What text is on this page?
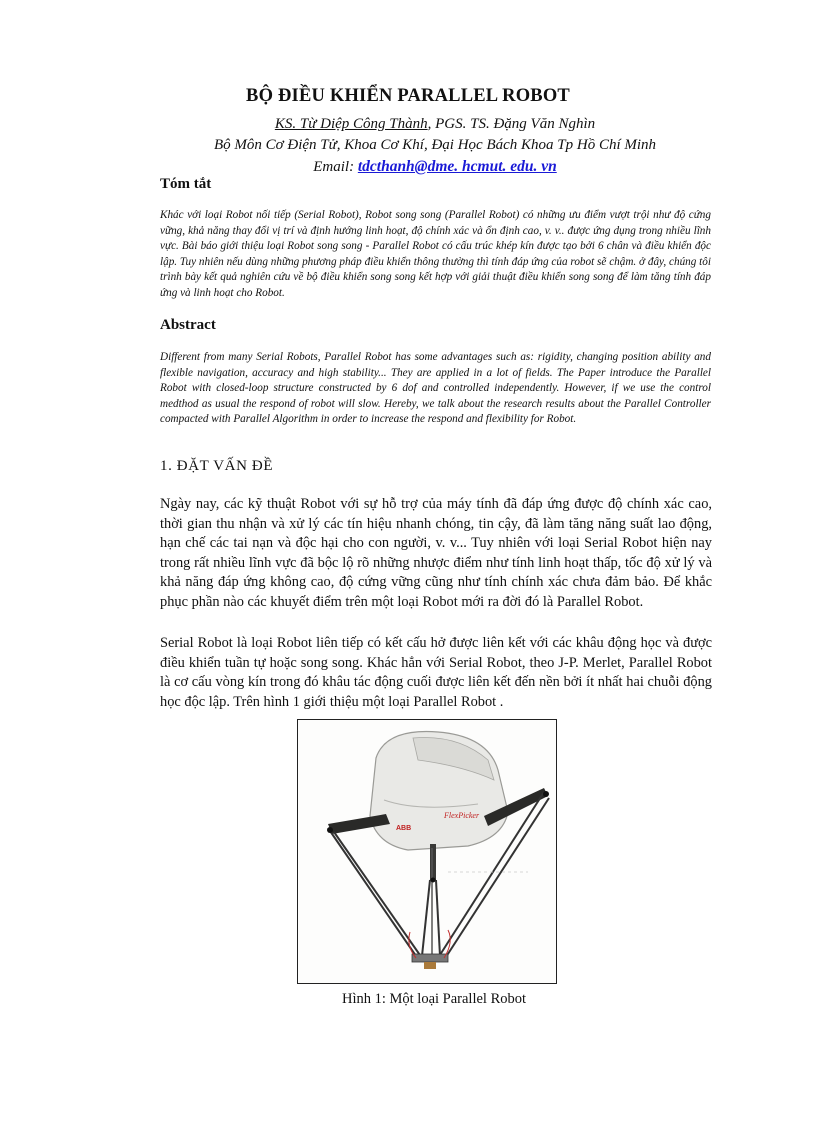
BỘ ĐIỀU KHIỂN PARALLEL ROBOT
KS. Từ Diệp Công Thành, PGS. TS. Đặng Văn Nghìn
Bộ Môn Cơ Điện Tử, Khoa Cơ Khí, Đại Học Bách Khoa Tp Hồ Chí Minh
Email: tdcthanh@dme. hcmut. edu. vn
Tóm tắt
Khác với loại Robot nối tiếp (Serial Robot), Robot song song (Parallel Robot) có những ưu điểm vượt trội như độ cứng vững, khả năng thay đổi vị trí và định hướng linh hoạt, độ chính xác và ổn định cao, v. v.. được ứng dụng trong nhiều lĩnh vực. Bài báo giới thiệu loại Robot song song - Parallel Robot có cấu trúc khép kín được tạo bởi 6 chân và điều khiển độc lập. Tuy nhiên nếu dùng những phương pháp điều khiển thông thường thì tính đáp ứng của robot sẽ chậm. ở đây, chúng tôi trình bày kết quả nghiên cứu về bộ điều khiển song song kết hợp với giải thuật điều khiển song song để làm tăng tính đáp ứng và linh hoạt cho Robot.
Abstract
Different from many Serial Robots, Parallel Robot has some advantages such as: rigidity, changing position ability and flexible navigation, accuracy and high stability... They are applied in a lot of fields. The Paper introduce the Parallel Robot with closed-loop structure constructed by 6 dof and controlled independently. However, if we use the control medthod as usual the respond of robot will slow. Hereby, we talk about the research results about the Parallel Controller compacted with Parallel Algorithm in order to increase the respond and flexibility for Robot.
1. ĐẶT VẤN ĐỀ
Ngày nay, các kỹ thuật Robot với sự hỗ trợ của máy tính đã đáp ứng được độ chính xác cao, thời gian thu nhận và xử lý các tín hiệu nhanh chóng, tin cậy, đã làm tăng năng suất lao động, hạn chế các tai nạn và độc hại cho con người, v. v... Tuy nhiên với loại Serial Robot hiện nay trong rất nhiều lĩnh vực đã bộc lộ rõ những nhược điểm như tính linh hoạt thấp, tốc độ xử lý và khả năng đáp ứng không cao, độ cứng vững cũng như tính chính xác chưa đảm bảo. Để khắc phục phần nào các khuyết điểm trên một loại Robot mới ra đời đó là Parallel Robot.
Serial Robot là loại Robot liên tiếp có kết cấu hở được liên kết với các khâu động học và được điều khiển tuần tự hoặc song song. Khác hẳn với Serial Robot, theo J-P. Merlet, Parallel Robot là cơ cấu vòng kín trong đó khâu tác động cuối được liên kết đến nền bởi ít nhất hai chuỗi động học độc lập. Trên hình 1 giới thiệu một loại Parallel Robot .
FlexPicker
ABB
Hình 1: Một loại Parallel Robot
